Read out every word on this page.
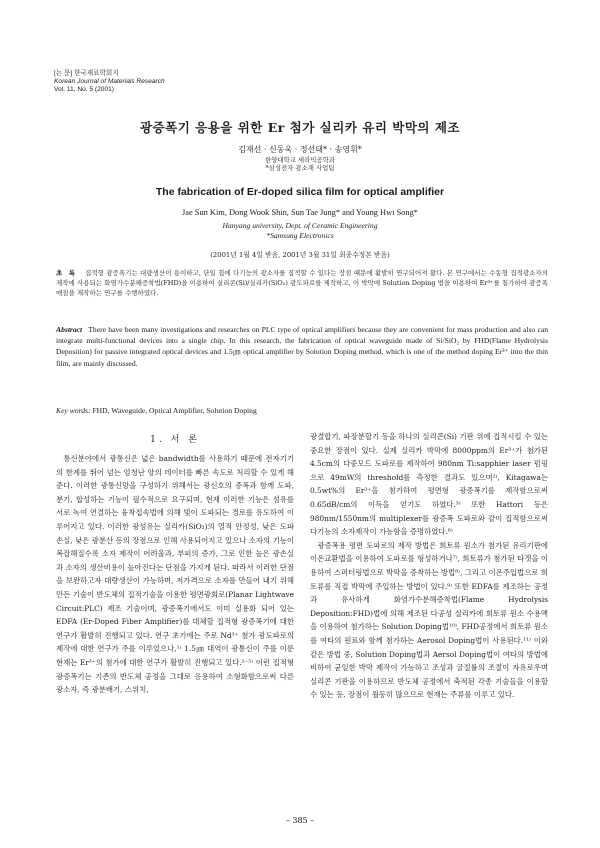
[논 문] 한국재료학회지
Korean Journal of Materials Research
Vol. 11, No. 5 (2001)
광증폭기 응용을 위한 Er 첨가 실리카 유리 박막의 제조
김재선 · 신동욱 · 정선태* · 송영휘*
한양대학교 세라믹공학과
*삼성전자 광소재 사업팀
The fabrication of Er-doped silica film for optical amplifier
Jae Sun Kim, Dong Wook Shin, Sun Tae Jung* and Young Hwi Song*
Hanyang university, Dept. of Ceramic Engineering
*Samsung Electronics
(2001년 1월 4일 받음, 2001년 3월 31일 최종수정본 받음)
초 록 집적형 광증폭기는 대량생산이 용이하고, 단일 칩에 다기능의 광소자를 집적할 수 있다는 장점 때문에 활발히 연구되어져 왔다. 본 연구에서는 수동형 집적광소자의 제작에 사용되는 화염가수분해증착법(FHD)을 이용하여 실리콘(Si)/실리카(SiO₂) 광도파로를 제작하고, 이 박막에 Solution Doping 법을 이용하여 Er³⁺를 첨가하여 광증폭 매질을 제작하는 연구를 수행하였다.
Abstract There have been many investigations and researches on PLC type of optical amplifiers because they are convenient for mass production and also can integrate multi-functional devices into a single chip. In this research, the fabrication of optical waveguide made of Si/SiO₂ by FHD(Flame Hydrolysis Deposition) for passive integrated optical devices and 1.5㎛ optical amplifier by Solution Doping method, which is one of the method doping Er³⁺ into the thin film, are mainly discussed.
Key words: FHD, Waveguide, Optical Amplifier, Solution Doping
1. 서 론

통신분야에서 광통신은 넓은 bandwidth를 사용하기 때문에 전자기기의 한계를 뛰어 넘는 엄청난 양의 데이터를 빠른 속도로 처리할 수 있게 해준다. 이러한 광통신망을 구성하기 위해서는 광신호의 증폭과 함께 도파, 분기, 합성하는 기능이 필수적으로 요구되며, 현재 이러한 기능은 섬유를 서로 녹여 연결하는 융착접속법에 의해 빛이 도파되는 경로를 유도하여 이루어지고 있다. 이러한 광섬유는 실리카(SiO₂)의 열적 안정성, 낮은 도파손실, 낮은 광분산 등의 장점으로 인해 사용되어지고 있으나 소자의 기능이 복잡해질수록 소자 제작이 어려울과, 부피의 증가, 그로 인한 높은 광손실과 소자의 생산비용이 높아진다는 단점을 가지게 된다. 따라서 이러한 단점을 보완하고자 대량생산이 가능하며, 저가격으로 소자를 만들어 내기 위해 만든 기술이 반도체의 집적기술을 이용한 평면광회로(Planar Lightwave Circuit:PLC) 제조 기술이며, 광증폭기에서도 이미 실용화 되어 있는 EDFA (Er-Doped Fiber Amplifier)를 대체할 집적형 광증폭기에 대한 연구가 활발히 진행되고 있다. 연구 초기에는 주로 Nd³⁺ 첨가 광도파로의 제작에 대한 연구가 주를 이루었으나,¹⁾ 1.5㎛ 대역이 광통신이 주를 이룬 현재는 Er³⁺의 첨가에 대한 연구가 활발히 진행되고 있다.²⁻⁵⁾ 이런 집적형 광증폭기는 기존의 반도체 공정을 그대로 응용하여 소형화함으로써 다른 광소자, 즉 광분배기, 스위치,

광결합기, 파장분할기 등을 하나의 실리콘(Si) 기판 위에 집적시킬 수 있는 중요한 장점이 있다. 실제 실리카 박막에 8000ppm의 Er³⁺가 첨가된 4.5cm의 다중모드 도파로를 제작하여 980nm Ti:sapphier laser 펌핑으로 49mW의 threshold를 측정한 결과도 있으며²⁾, Kitagawa는 0.5wt%의 Er³⁺을 첨가하여 평면형 광증폭기를 제작함으로써 0.65dB/cm의 이득을 얻기도 하였다.³⁾ 또한 Hattori 등은 980nm/1550nm의 multiplexer를 광증폭 도파로와 같이 집적함으로써 다기능의 소자제작이 가능함을 증명하였다.⁶⁾

광증폭용 평면 도파로의 제작 방법은 희토류 원소가 첨가된 유리기판에 이온교환법을 이용하여 도파로를 형성하거나⁷⁾, 희토류가 첨가된 타겟을 이용하여 스퍼터링법으로 박막을 증착하는 방법⁸⁾, 그리고 이온주입법으로 희토류를 직접 박막에 주입하는 방법이 있다.⁹⁾ 또한 EDFA를 제조하는 공정과 유사하게 화염가수분해증착법(Flame Hydrolysis Deposition:FHD)법에 의해 제조된 다공성 실리카에 희토류 원소 수용액을 이용하여 첨가하는 Solution Doping법¹⁰⁾, FHD공정에서 희토류 원소를 여타의 원료와 함께 첨가하는 Aerosol Doping법이 사용된다.¹¹⁾ 이와 같은 방법 중, Solution Doping법과 Aersol Doping법이 여타의 방법에 비하여 균일한 박막 제작이 가능하고 조성과 굴절률의 조절이 자유로우며 실리콘 기판을 이용하므로 반도체 공정에서 축적된 각종 기술들을 이용할 수 있는 등, 장점이 월등히 많으므로 현재는 주류를 이루고 있다.

– 385 –
